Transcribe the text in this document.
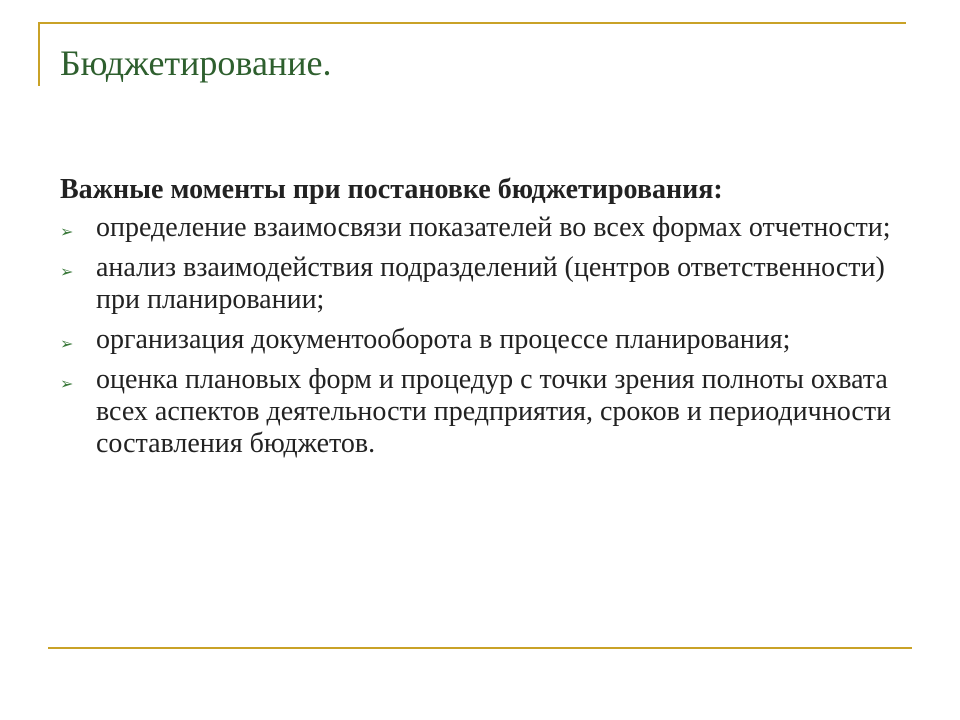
Бюджетирование.
Важные моменты при постановке бюджетирования:
➢ определение взаимосвязи показателей во всех формах отчетности;
➢ анализ взаимодействия подразделений (центров ответственности) при планировании;
➢ организация документооборота в процессе планирования;
➢ оценка плановых форм и процедур с точки зрения полноты охвата всех аспектов деятельности предприятия, сроков и периодичности составления бюджетов.
